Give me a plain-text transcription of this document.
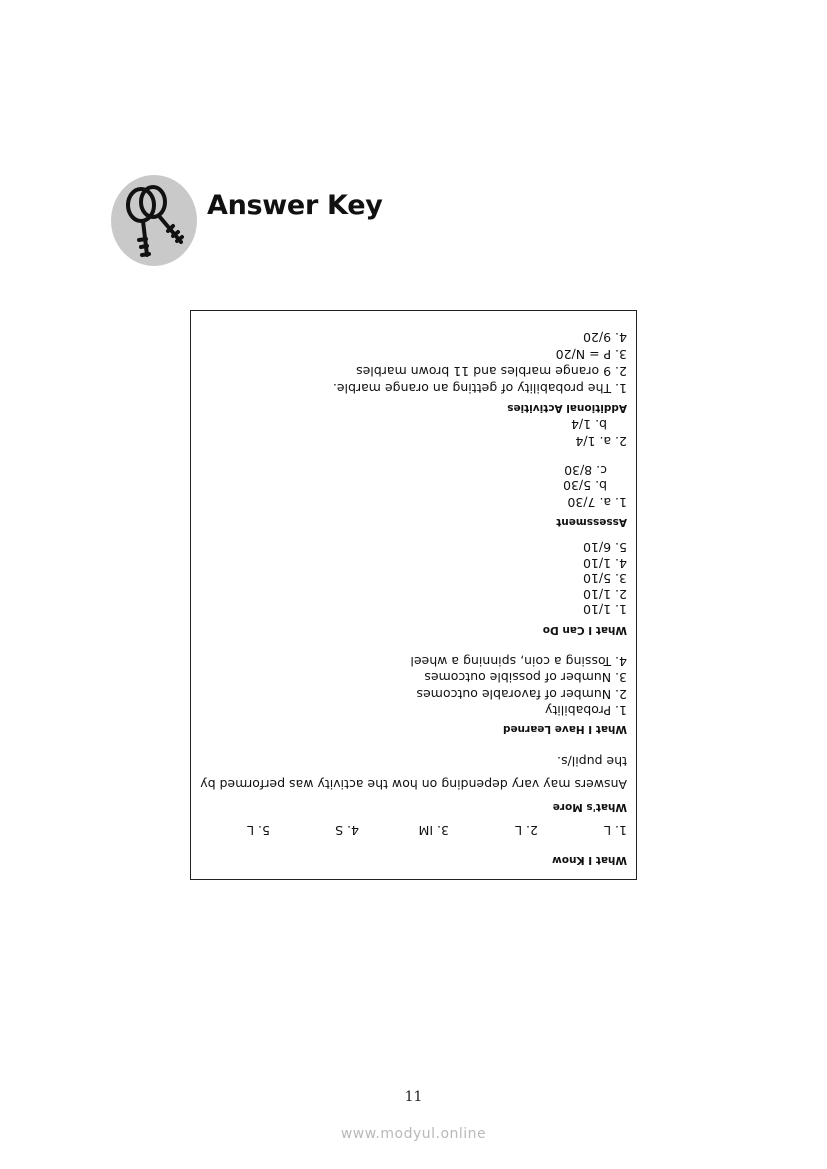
Answer Key
What I Know
1. L
2. L
3. IM
4. S
5. L
What's More
Answers may vary depending on how the activity was performed by
the pupil/s.
What I Have Learned
1. Probability
2. Number of favorable outcomes
3. Number of possible outcomes
4. Tossing a coin, spinning a wheel
What I Can Do
1. 1/10
2. 1/10
3. 5/10
4. 1/10
5. 6/10
Assessment
1. a. 7/30
b. 5/30
c. 8/30
2. a. 1/4
b. 1/4
Additional Activities
1. The probability of getting an orange marble.
2. 9 orange marbles and 11 brown marbles
3. P = N/20
4. 9/20
11
www.modyul.online
